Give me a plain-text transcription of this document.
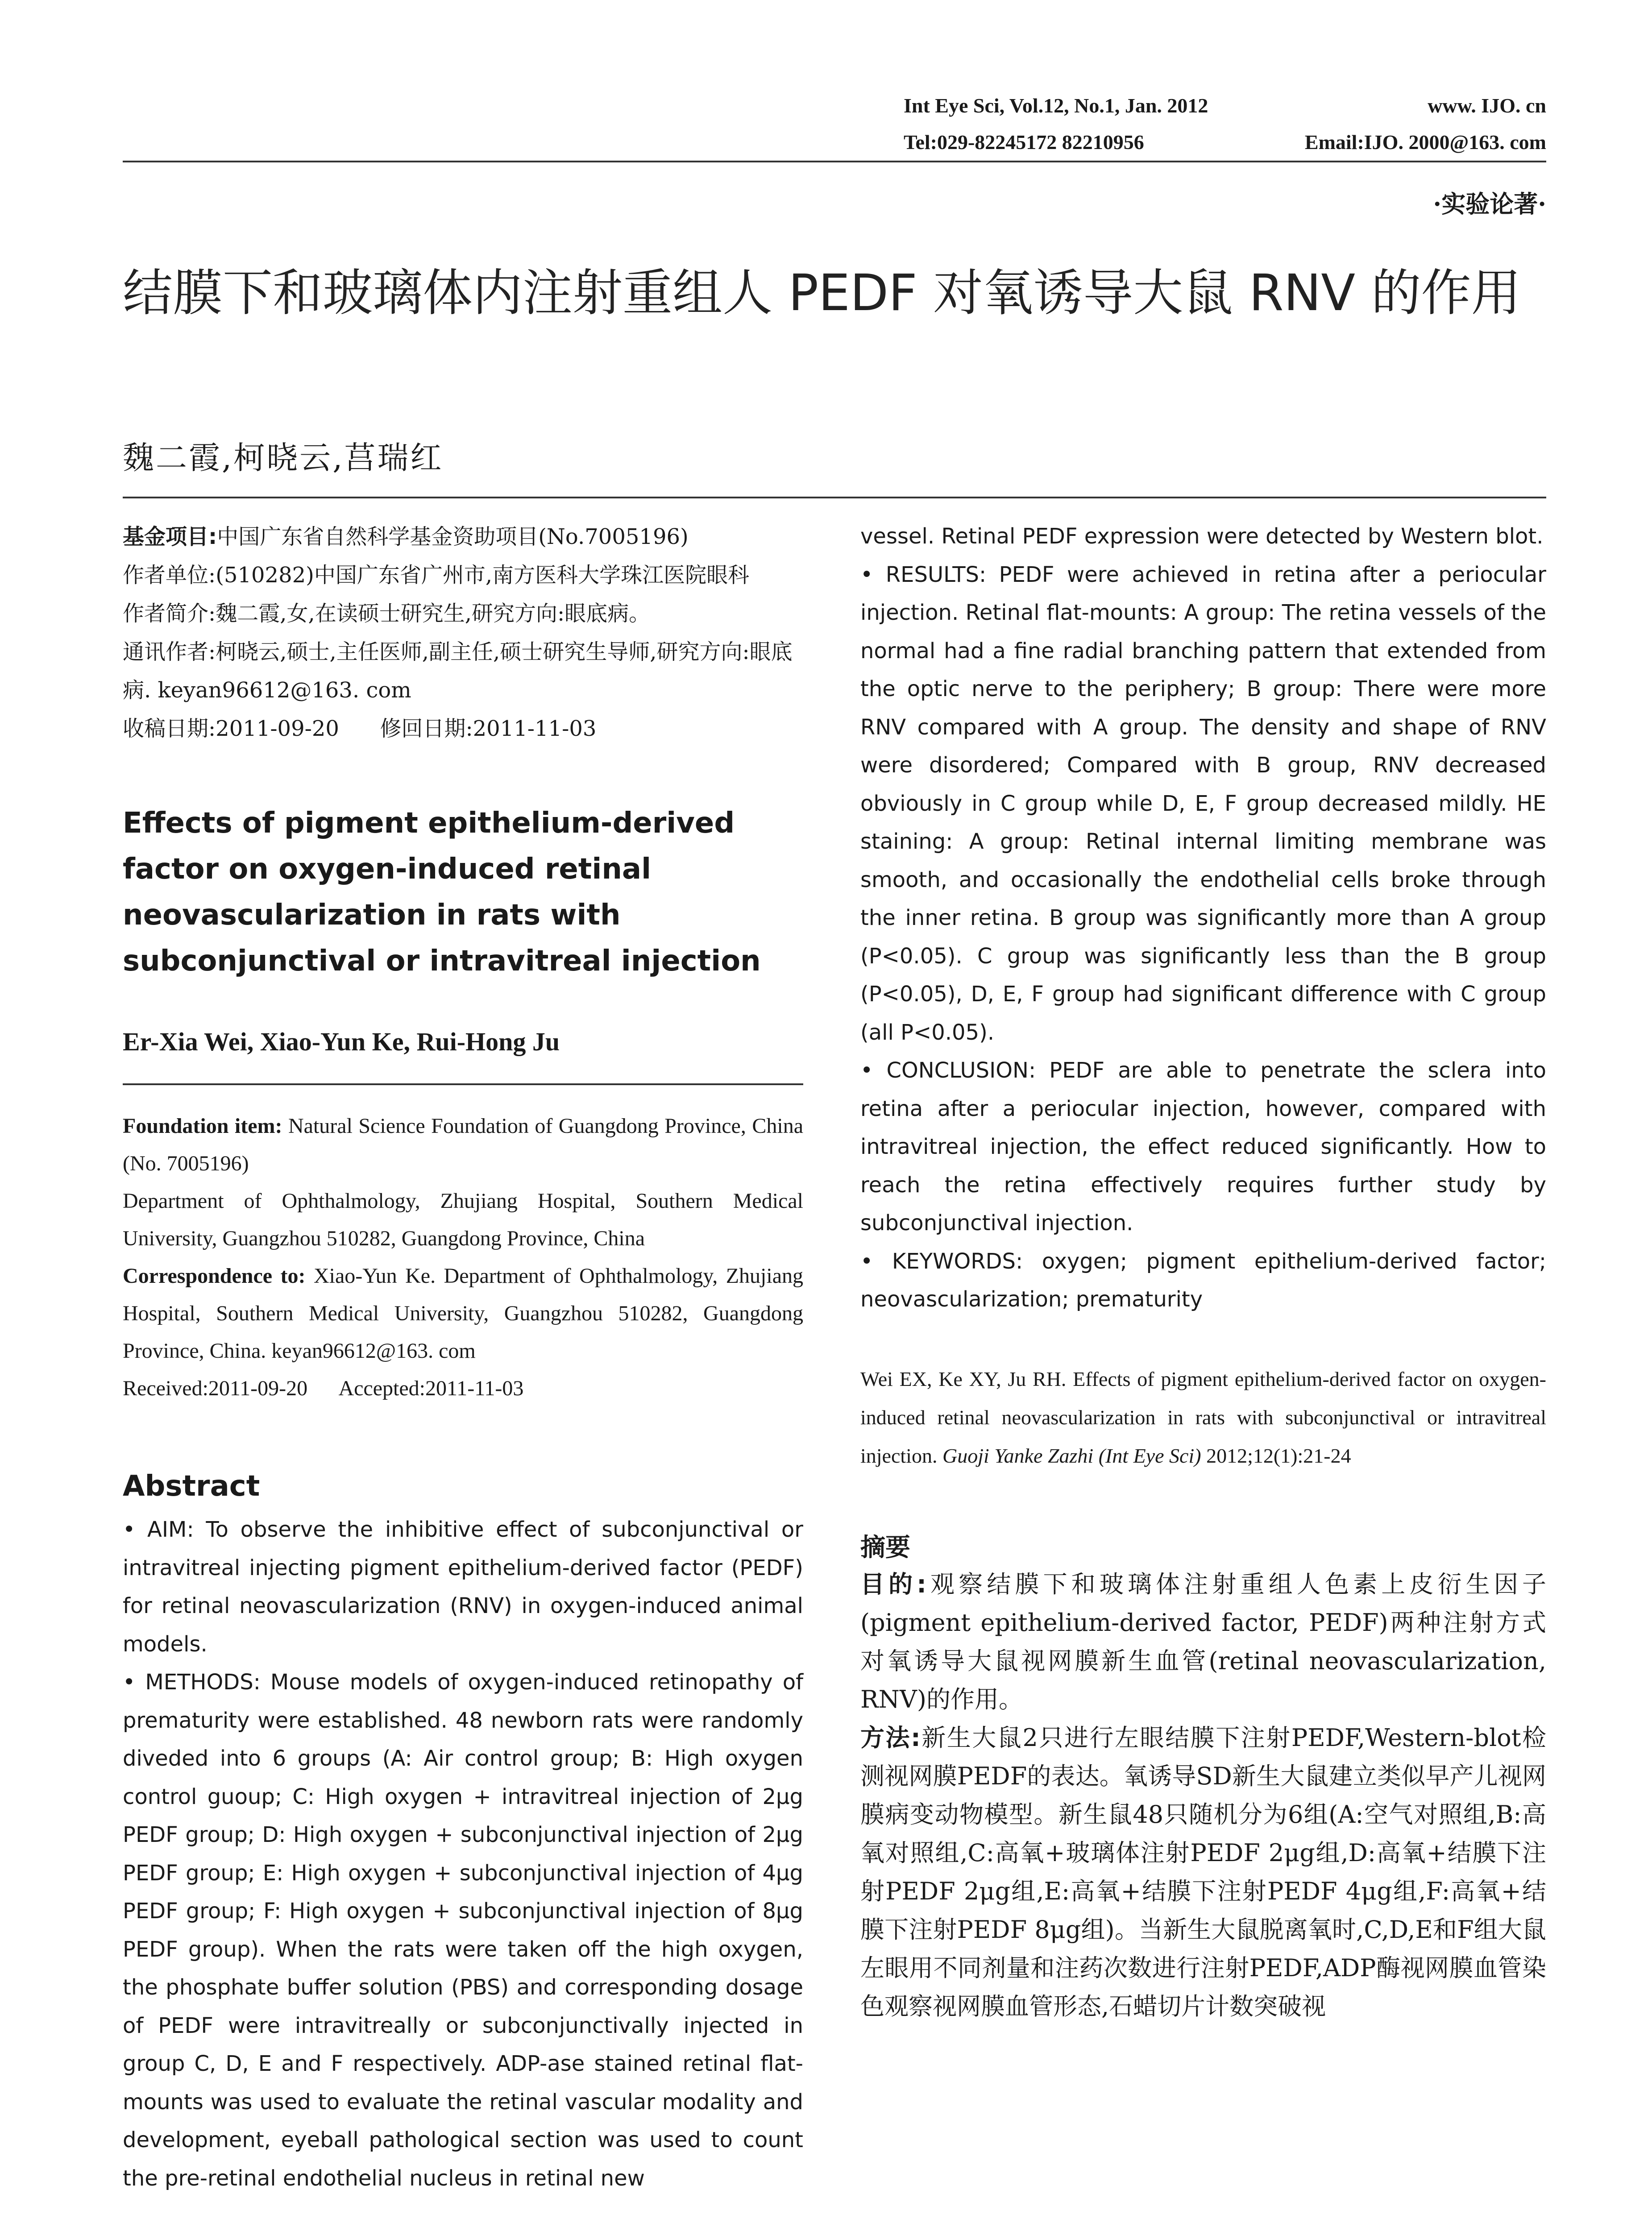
Int Eye Sci, Vol.12, No.1, Jan. 2012	www. IJO. cn
Tel:029-82245172 82210956	Email:IJO. 2000@163. com
·实验论著·
结膜下和玻璃体内注射重组人 PEDF 对氧诱导大鼠 RNV 的作用
魏二霞,柯晓云,莒瑞红

基金项目:中国广东省自然科学基金资助项目(No.7005196)

作者单位:(510282)中国广东省广州市,南方医科大学珠江医院眼科

作者简介:魏二霞,女,在读硕士研究生,研究方向:眼底病。

通讯作者:柯晓云,硕士,主任医师,副主任,硕士研究生导师,研究方向:眼底病. keyan96612@163. com

收稿日期:2011-09-20      修回日期:2011-11-03

Effects of pigment epithelium-derived factor on oxygen-induced retinal neovascularization in rats with subconjunctival or intravitreal injection
Er-Xia Wei, Xiao-Yun Ke, Rui-Hong Ju

Foundation item: Natural Science Foundation of Guangdong Province, China (No. 7005196)

Department of Ophthalmology, Zhujiang Hospital, Southern Medical University, Guangzhou 510282, Guangdong Province, China

Correspondence to: Xiao-Yun Ke. Department of Ophthalmology, Zhujiang Hospital, Southern Medical University, Guangzhou 510282, Guangdong Province, China. keyan96612@163. com

Received:2011-09-20      Accepted:2011-11-03

Abstract

• AIM: To observe the inhibitive effect of subconjunctival or intravitreal injecting pigment epithelium-derived factor (PEDF) for retinal neovascularization (RNV) in oxygen-induced animal models.

• METHODS: Mouse models of oxygen-induced retinopathy of prematurity were established. 48 newborn rats were randomly diveded into 6 groups (A: Air control group; B: High oxygen control guoup; C: High oxygen + intravitreal injection of 2μg PEDF group; D: High oxygen + subconjunctival injection of 2μg PEDF group; E: High oxygen + subconjunctival injection of 4μg PEDF group; F: High oxygen + subconjunctival injection of 8μg PEDF group). When the rats were taken off the high oxygen, the phosphate buffer solution (PBS) and corresponding dosage of PEDF were intravitreally or subconjunctivally injected in group C, D, E and F respectively. ADP-ase stained retinal flat-mounts was used to evaluate the retinal vascular modality and development, eyeball pathological section was used to count the pre-retinal endothelial nucleus in retinal new

vessel. Retinal PEDF expression were detected by Western blot.

• RESULTS: PEDF were achieved in retina after a periocular injection. Retinal flat-mounts: A group: The retina vessels of the normal had a fine radial branching pattern that extended from the optic nerve to the periphery; B group: There were more RNV compared with A group. The density and shape of RNV were disordered; Compared with B group, RNV decreased obviously in C group while D, E, F group decreased mildly. HE staining: A group: Retinal internal limiting membrane was smooth, and occasionally the endothelial cells broke through the inner retina. B group was significantly more than A group (P<0.05). C group was significantly less than the B group (P<0.05), D, E, F group had significant difference with C group (all P<0.05).

• CONCLUSION: PEDF are able to penetrate the sclera into retina after a periocular injection, however, compared with intravitreal injection, the effect reduced significantly. How to reach the retina effectively requires further study by subconjunctival injection.

• KEYWORDS: oxygen; pigment epithelium-derived factor; neovascularization; prematurity

Wei EX, Ke XY, Ju RH. Effects of pigment epithelium-derived factor on oxygen-induced retinal neovascularization in rats with subconjunctival or intravitreal injection. Guoji Yanke Zazhi (Int Eye Sci) 2012;12(1):21-24
摘要

目的:观察结膜下和玻璃体注射重组人色素上皮衍生因子(pigment epithelium-derived factor, PEDF)两种注射方式对氧诱导大鼠视网膜新生血管(retinal neovascularization, RNV)的作用。

方法:新生大鼠2只进行左眼结膜下注射PEDF,Western-blot检测视网膜PEDF的表达。氧诱导SD新生大鼠建立类似早产儿视网膜病变动物模型。新生鼠48只随机分为6组(A:空气对照组,B:高氧对照组,C:高氧+玻璃体注射PEDF 2μg组,D:高氧+结膜下注射PEDF 2μg组,E:高氧+结膜下注射PEDF 4μg组,F:高氧+结膜下注射PEDF 8μg组)。当新生大鼠脱离氧时,C,D,E和F组大鼠左眼用不同剂量和注药次数进行注射PEDF,ADP酶视网膜血管染色观察视网膜血管形态,石蜡切片计数突破视
